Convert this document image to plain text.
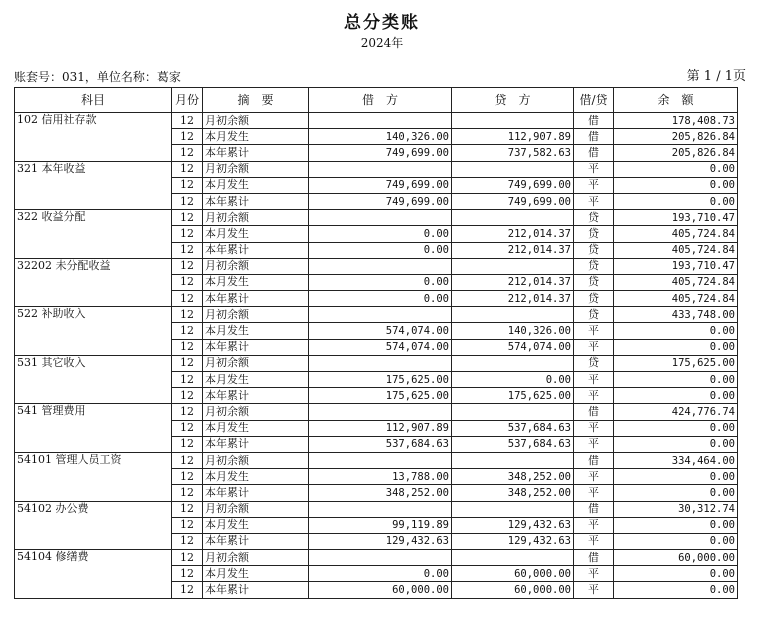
总分类账
2024年
账套号：031，单位名称：葛家	第 1 / 1页
科目	月份	摘　要	借　方	贷　方	借/贷	余　额
102 信用社存款	12	月初余额			借	178,408.73
	12	本月发生	140,326.00	112,907.89	借	205,826.84
	12	本年累计	749,699.00	737,582.63	借	205,826.84
321 本年收益	12	月初余额			平	0.00
	12	本月发生	749,699.00	749,699.00	平	0.00
	12	本年累计	749,699.00	749,699.00	平	0.00
322 收益分配	12	月初余额			贷	193,710.47
	12	本月发生	0.00	212,014.37	贷	405,724.84
	12	本年累计	0.00	212,014.37	贷	405,724.84
32202 未分配收益	12	月初余额			贷	193,710.47
	12	本月发生	0.00	212,014.37	贷	405,724.84
	12	本年累计	0.00	212,014.37	贷	405,724.84
522 补助收入	12	月初余额			贷	433,748.00
	12	本月发生	574,074.00	140,326.00	平	0.00
	12	本年累计	574,074.00	574,074.00	平	0.00
531 其它收入	12	月初余额			贷	175,625.00
	12	本月发生	175,625.00	0.00	平	0.00
	12	本年累计	175,625.00	175,625.00	平	0.00
541 管理费用	12	月初余额			借	424,776.74
	12	本月发生	112,907.89	537,684.63	平	0.00
	12	本年累计	537,684.63	537,684.63	平	0.00
54101 管理人员工资	12	月初余额			借	334,464.00
	12	本月发生	13,788.00	348,252.00	平	0.00
	12	本年累计	348,252.00	348,252.00	平	0.00
54102 办公费	12	月初余额			借	30,312.74
	12	本月发生	99,119.89	129,432.63	平	0.00
	12	本年累计	129,432.63	129,432.63	平	0.00
54104 修缮费	12	月初余额			借	60,000.00
	12	本月发生	0.00	60,000.00	平	0.00
	12	本年累计	60,000.00	60,000.00	平	0.00
